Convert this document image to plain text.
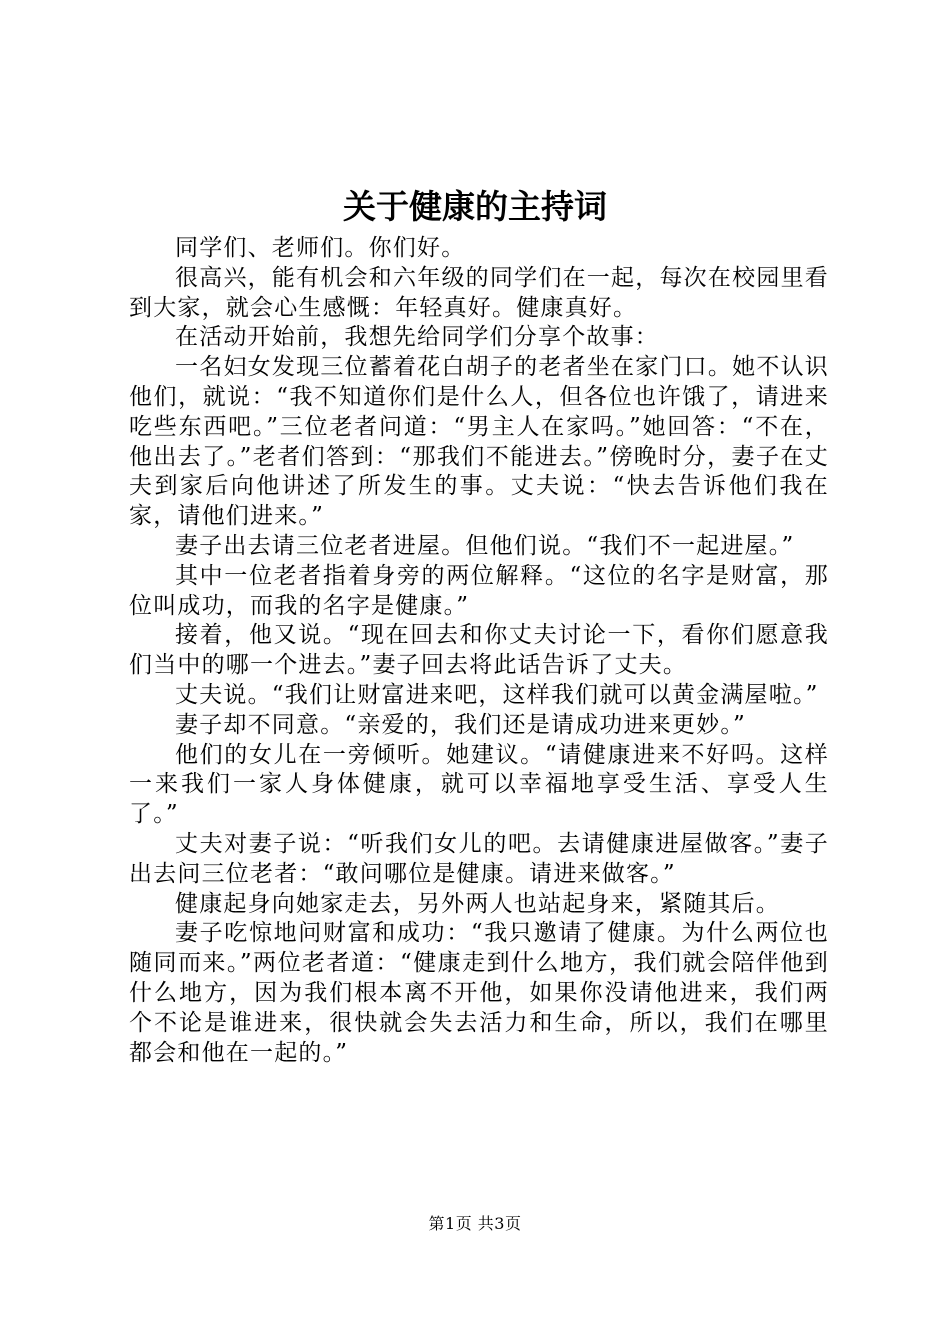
关于健康的主持词

同学们、老师们。你们好。

很高兴，能有机会和六年级的同学们在一起，每次在校园里看到大家，就会心生感慨：年轻真好。健康真好。

在活动开始前，我想先给同学们分享个故事：

一名妇女发现三位蓄着花白胡子的老者坐在家门口。她不认识他们，就说：“我不知道你们是什么人，但各位也许饿了，请进来吃些东西吧。”三位老者问道：“男主人在家吗。”她回答：“不在，他出去了。”老者们答到：“那我们不能进去。”傍晚时分，妻子在丈夫到家后向他讲述了所发生的事。丈夫说：“快去告诉他们我在家，请他们进来。”

妻子出去请三位老者进屋。但他们说。“我们不一起进屋。”

其中一位老者指着身旁的两位解释。“这位的名字是财富，那位叫成功，而我的名字是健康。”

接着，他又说。“现在回去和你丈夫讨论一下，看你们愿意我们当中的哪一个进去。”妻子回去将此话告诉了丈夫。

丈夫说。“我们让财富进来吧，这样我们就可以黄金满屋啦。”

妻子却不同意。“亲爱的，我们还是请成功进来更妙。”

他们的女儿在一旁倾听。她建议。“请健康进来不好吗。这样一来我们一家人身体健康，就可以幸福地享受生活、享受人生了。”

丈夫对妻子说：“听我们女儿的吧。去请健康进屋做客。”妻子出去问三位老者：“敢问哪位是健康。请进来做客。”

健康起身向她家走去，另外两人也站起身来，紧随其后。

妻子吃惊地问财富和成功：“我只邀请了健康。为什么两位也随同而来。”两位老者道：“健康走到什么地方，我们就会陪伴他到什么地方，因为我们根本离不开他，如果你没请他进来，我们两个不论是谁进来，很快就会失去活力和生命，所以，我们在哪里都会和他在一起的。”

第1页 共3页
